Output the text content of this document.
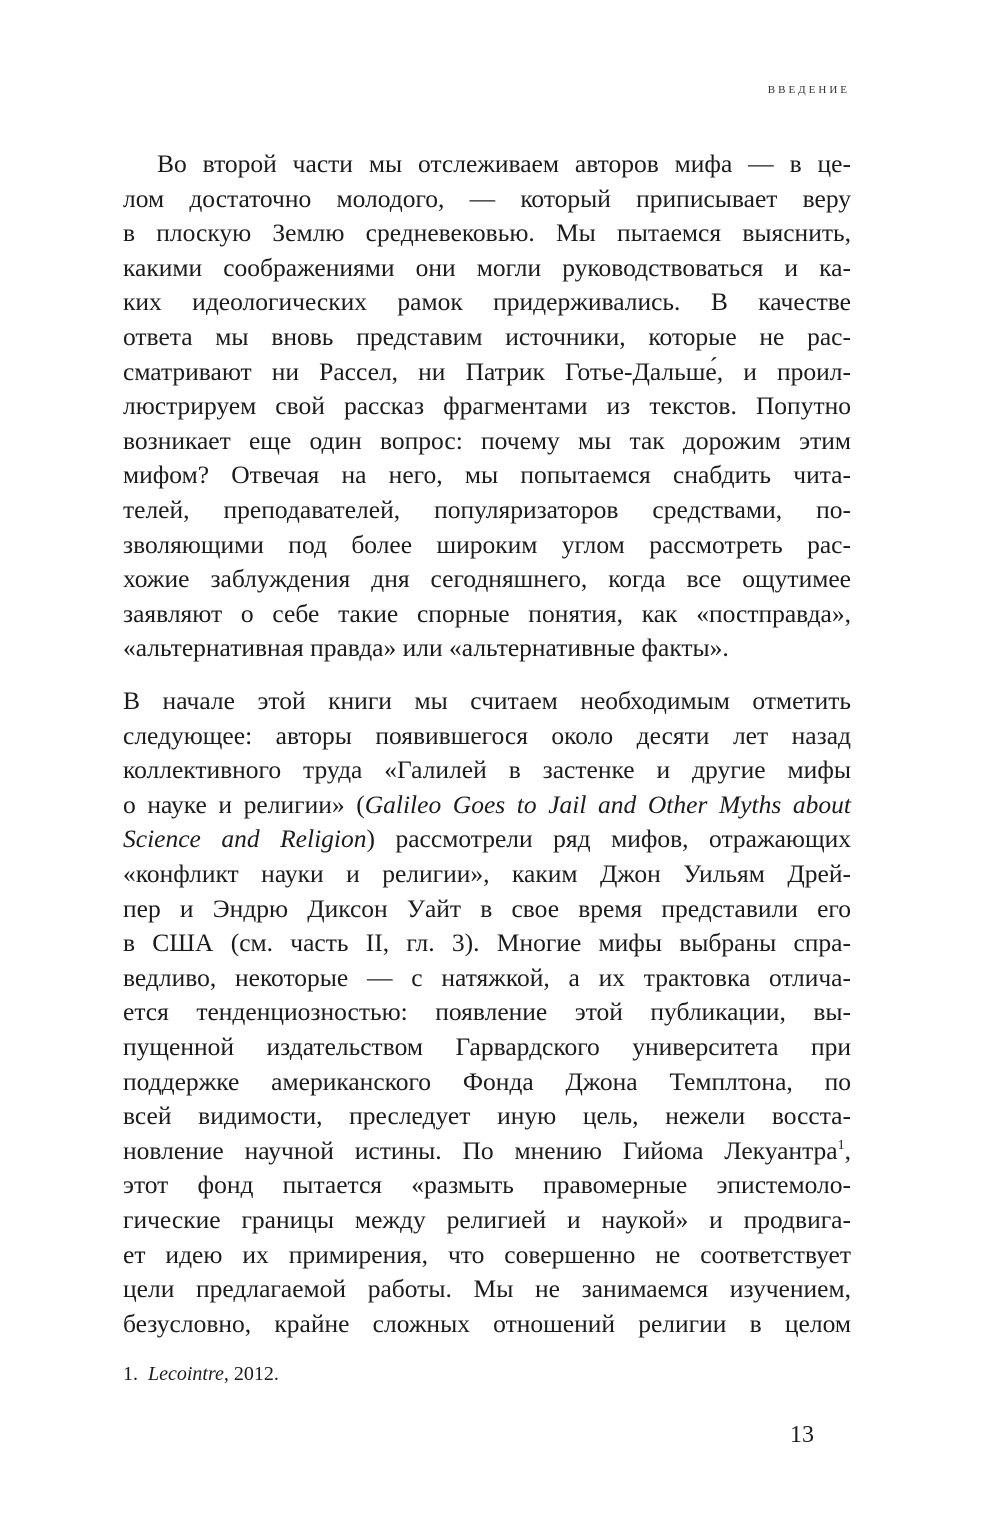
ВВЕДЕНИЕ
Во второй части мы отслеживаем авторов мифа — в це-
лом достаточно молодого, — который приписывает веру
в плоскую Землю средневековью. Мы пытаемся выяснить,
какими соображениями они могли руководствоваться и ка-
ких идеологических рамок придерживались. В качестве
ответа мы вновь представим источники, которые не рас-
сматривают ни Рассел, ни Патрик Готье-Дальше́, и проил-
люстрируем свой рассказ фрагментами из текстов. Попутно
возникает еще один вопрос: почему мы так дорожим этим
мифом? Отвечая на него, мы попытаемся снабдить чита-
телей, преподавателей, популяризаторов средствами, по-
зволяющими под более широким углом рассмотреть рас-
хожие заблуждения дня сегодняшнего, когда все ощутимее
заявляют о себе такие спорные понятия, как «постправда»,
«альтернативная правда» или «альтернативные факты».
В начале этой книги мы считаем необходимым отметить
следующее: авторы появившегося около десяти лет назад
коллективного труда «Галилей в застенке и другие мифы
о науке и религии» (Galileo Goes to Jail and Other Myths about
Science and Religion) рассмотрели ряд мифов, отражающих
«конфликт науки и религии», каким Джон Уильям Дрей-
пер и Эндрю Диксон Уайт в свое время представили его
в США (см. часть II, гл. 3). Многие мифы выбраны спра-
ведливо, некоторые — с натяжкой, а их трактовка отлича-
ется тенденциозностью: появление этой публикации, вы-
пущенной издательством Гарвардского университета при
поддержке американского Фонда Джона Темплтона, по
всей видимости, преследует иную цель, нежели восста-
новление научной истины. По мнению Гийома Лекуантра$^1$,
этот фонд пытается «размыть правомерные эпистемоло-
гические границы между религией и наукой» и продвига-
ет идею их примирения, что совершенно не соответствует
цели предлагаемой работы. Мы не занимаемся изучением,
безусловно, крайне сложных отношений религии в целом
1. Lecointre, 2012.
13
